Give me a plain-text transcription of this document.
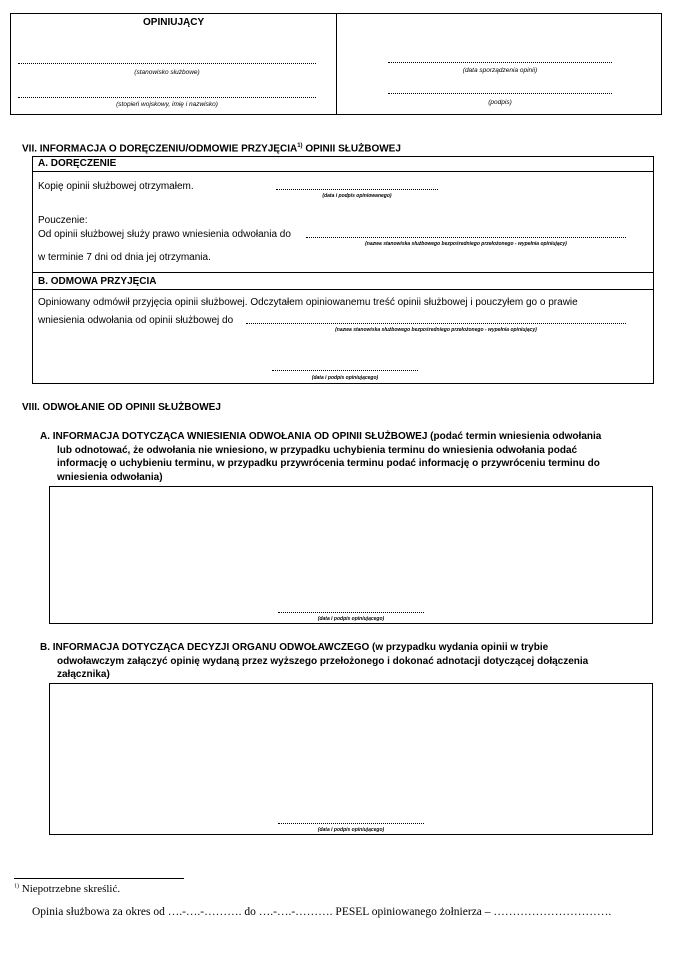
OPINIUJĄCY
(stanowisko służbowe)
(stopień wojskowy, imię i nazwisko)
(data sporządzenia opinii)
(podpis)
VII. INFORMACJA O DORĘCZENIU/ODMOWIE PRZYJĘCIA$^{1)}$ OPINII SŁUŻBOWEJ
A. DORĘCZENIE
Kopię opinii służbowej otrzymałem.
(data i podpis opiniowanego)
Pouczenie:
Od opinii służbowej służy prawo wniesienia odwołania do
(nazwa stanowiska służbowego bezpośredniego przełożonego - wypełnia opiniujący)
w terminie 7 dni od dnia jej otrzymania.
B. ODMOWA PRZYJĘCIA
Opiniowany odmówił przyjęcia opinii służbowej. Odczytałem opiniowanemu treść opinii służbowej i pouczyłem go o prawie
wniesienia odwołania od opinii służbowej do
(nazwa stanowiska służbowego bezpośredniego przełożonego - wypełnia opiniujący)
(data i podpis opiniującego)
VIII. ODWOŁANIE OD OPINII SŁUŻBOWEJ
A. INFORMACJA DOTYCZĄCA WNIESIENIA ODWOŁANIA OD OPINII SŁUŻBOWEJ (podać termin wniesienia odwołania
lub odnotować, że odwołania nie wniesiono, w przypadku uchybienia terminu do wniesienia odwołania podać
informację o uchybieniu terminu, w przypadku przywrócenia terminu podać informację o przywróceniu terminu do
wniesienia odwołania)
(data i podpis opiniującego)
B. INFORMACJA DOTYCZĄCA DECYZJI ORGANU ODWOŁAWCZEGO (w przypadku wydania opinii w trybie
odwoławczym załączyć opinię wydaną przez wyższego przełożonego i dokonać adnotacji dotyczącej dołączenia
załącznika)
(data i podpis opiniującego)
$^{1)}$ Niepotrzebne skreślić.
Opinia służbowa za okres od ….-….-………. do ….-….-………. PESEL opiniowanego żołnierza – ………………………….
